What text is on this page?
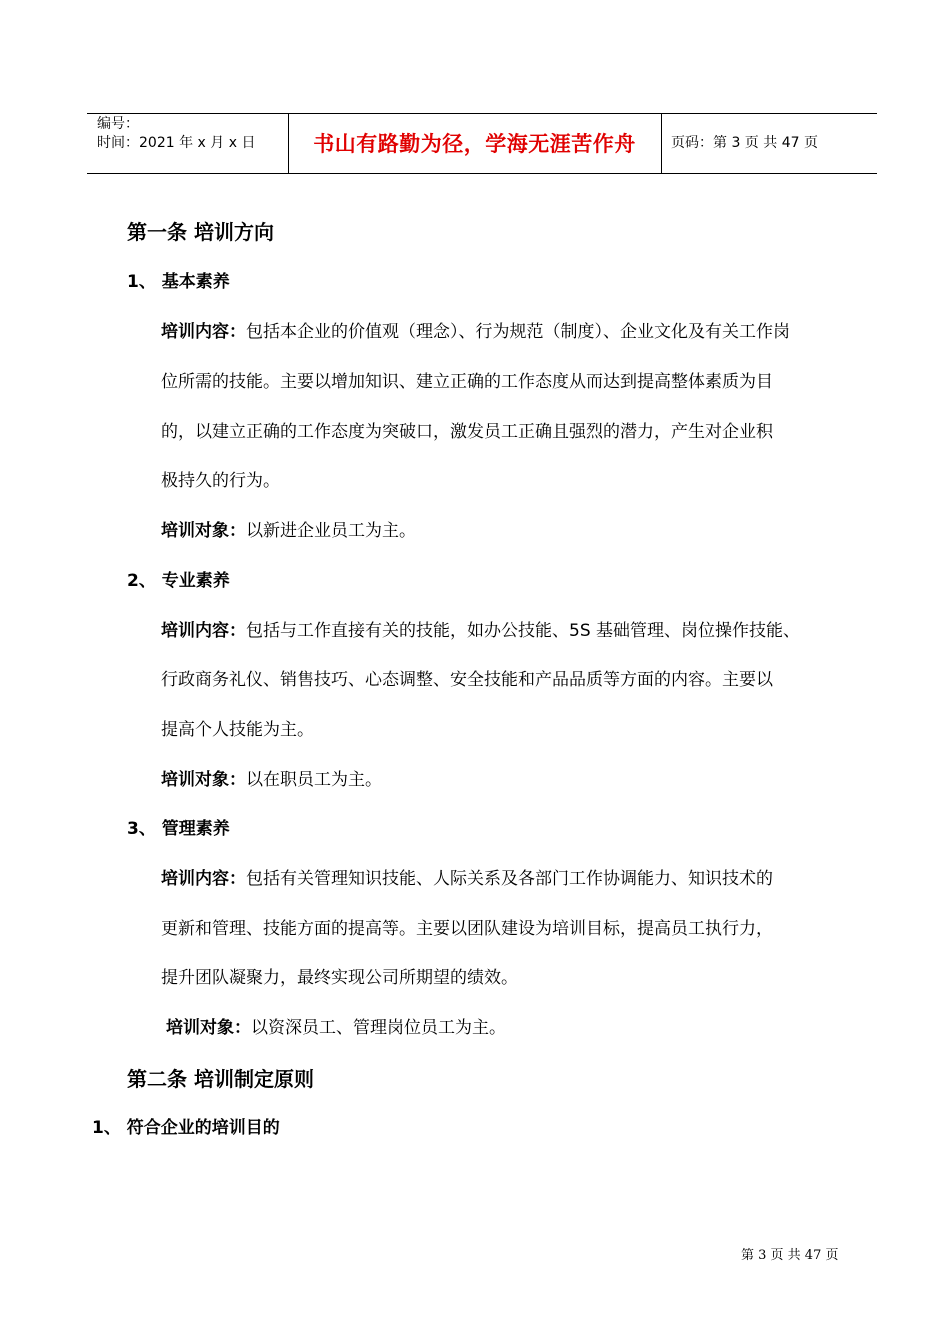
编号：
时间：2021 年 x 月 x 日	书山有路勤为径，学海无涯苦作舟	页码：第 3 页 共 47 页
第一条 培训方向
1、 基本素养
培训内容：包括本企业的价值观（理念）、行为规范（制度）、企业文化及有关工作岗
位所需的技能。主要以增加知识、建立正确的工作态度从而达到提高整体素质为目
的，以建立正确的工作态度为突破口，激发员工正确且强烈的潜力，产生对企业积
极持久的行为。
培训对象：以新进企业员工为主。
2、 专业素养
培训内容：包括与工作直接有关的技能，如办公技能、5S 基础管理、岗位操作技能、
行政商务礼仪、销售技巧、心态调整、安全技能和产品品质等方面的内容。主要以
提高个人技能为主。
培训对象：以在职员工为主。
3、 管理素养
培训内容：包括有关管理知识技能、人际关系及各部门工作协调能力、知识技术的
更新和管理、技能方面的提高等。主要以团队建设为培训目标，提高员工执行力，
提升团队凝聚力，最终实现公司所期望的绩效。
培训对象：以资深员工、管理岗位员工为主。
第二条 培训制定原则
1、 符合企业的培训目的
第 3 页 共 47 页
